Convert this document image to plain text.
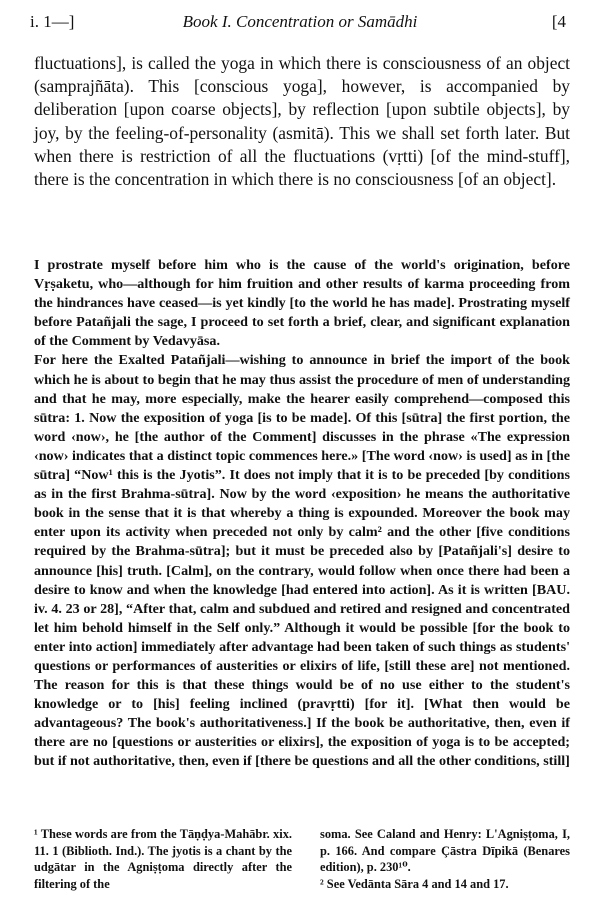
i. 1—]	Book I. Concentration or Samādhi	[4

fluctuations], is called the yoga in which there is consciousness of an object (samprajñāta). This [conscious yoga], however, is accompanied by deliberation [upon coarse objects], by reflection [upon subtile objects], by joy, by the feeling-of-personality (asmitā). This we shall set forth later. But when there is restriction of all the fluctuations (vṛtti) [of the mind-stuff], there is the concentration in which there is no consciousness [of an object].

I prostrate myself before him who is the cause of the world's origination, before Vṛṣaketu, who—although for him fruition and other results of karma proceeding from the hindrances have ceased—is yet kindly [to the world he has made]. Prostrating myself before Patañjali the sage, I proceed to set forth a brief, clear, and significant explanation of the Comment by Vedavyāsa.

For here the Exalted Patañjali—wishing to announce in brief the import of the book which he is about to begin that he may thus assist the procedure of men of understanding and that he may, more especially, make the hearer easily comprehend—composed this sūtra: 1. Now the exposition of yoga [is to be made]. Of this [sūtra] the first portion, the word ‹now›, he [the author of the Comment] discusses in the phrase «The expression ‹now› indicates that a distinct topic commences here.» [The word ‹now› is used] as in [the sūtra] “Now¹ this is the Jyotis”. It does not imply that it is to be preceded [by conditions as in the first Brahma-sūtra]. Now by the word ‹exposition› he means the authoritative book in the sense that it is that whereby a thing is expounded. Moreover the book may enter upon its activity when preceded not only by calm² and the other [five conditions required by the Brahma-sūtra]; but it must be preceded also by [Patañjali's] desire to announce [his] truth. [Calm], on the contrary, would follow when once there had been a desire to know and when the knowledge [had entered into action]. As it is written [BAU. iv. 4. 23 or 28], “After that, calm and subdued and retired and resigned and concentrated let him behold himself in the Self only.” Although it would be possible [for the book to enter into action] immediately after advantage had been taken of such things as students' questions or performances of austerities or elixirs of life, [still these are] not mentioned. The reason for this is that these things would be of no use either to the student's knowledge or to [his] feeling inclined (pravṛtti) [for it]. [What then would be advantageous? The book's authoritativeness.] If the book be authoritative, then, even if there are no [questions or austerities or elixirs], the exposition of yoga is to be accepted; but if not authoritative, then, even if [there be questions and all the other conditions, still]

¹ These words are from the Tāṇḍya-Mahābr. xix. 11. 1 (Biblioth. Ind.). The jyotis is a chant by the udgātar in the Agniṣṭoma directly after the filtering of the

soma. See Caland and Henry: L'Agniṣṭoma, I, p. 166. And compare Çāstra Dīpikā (Benares edition), p. 230¹⁰.

² See Vedānta Sāra 4 and 14 and 17.
